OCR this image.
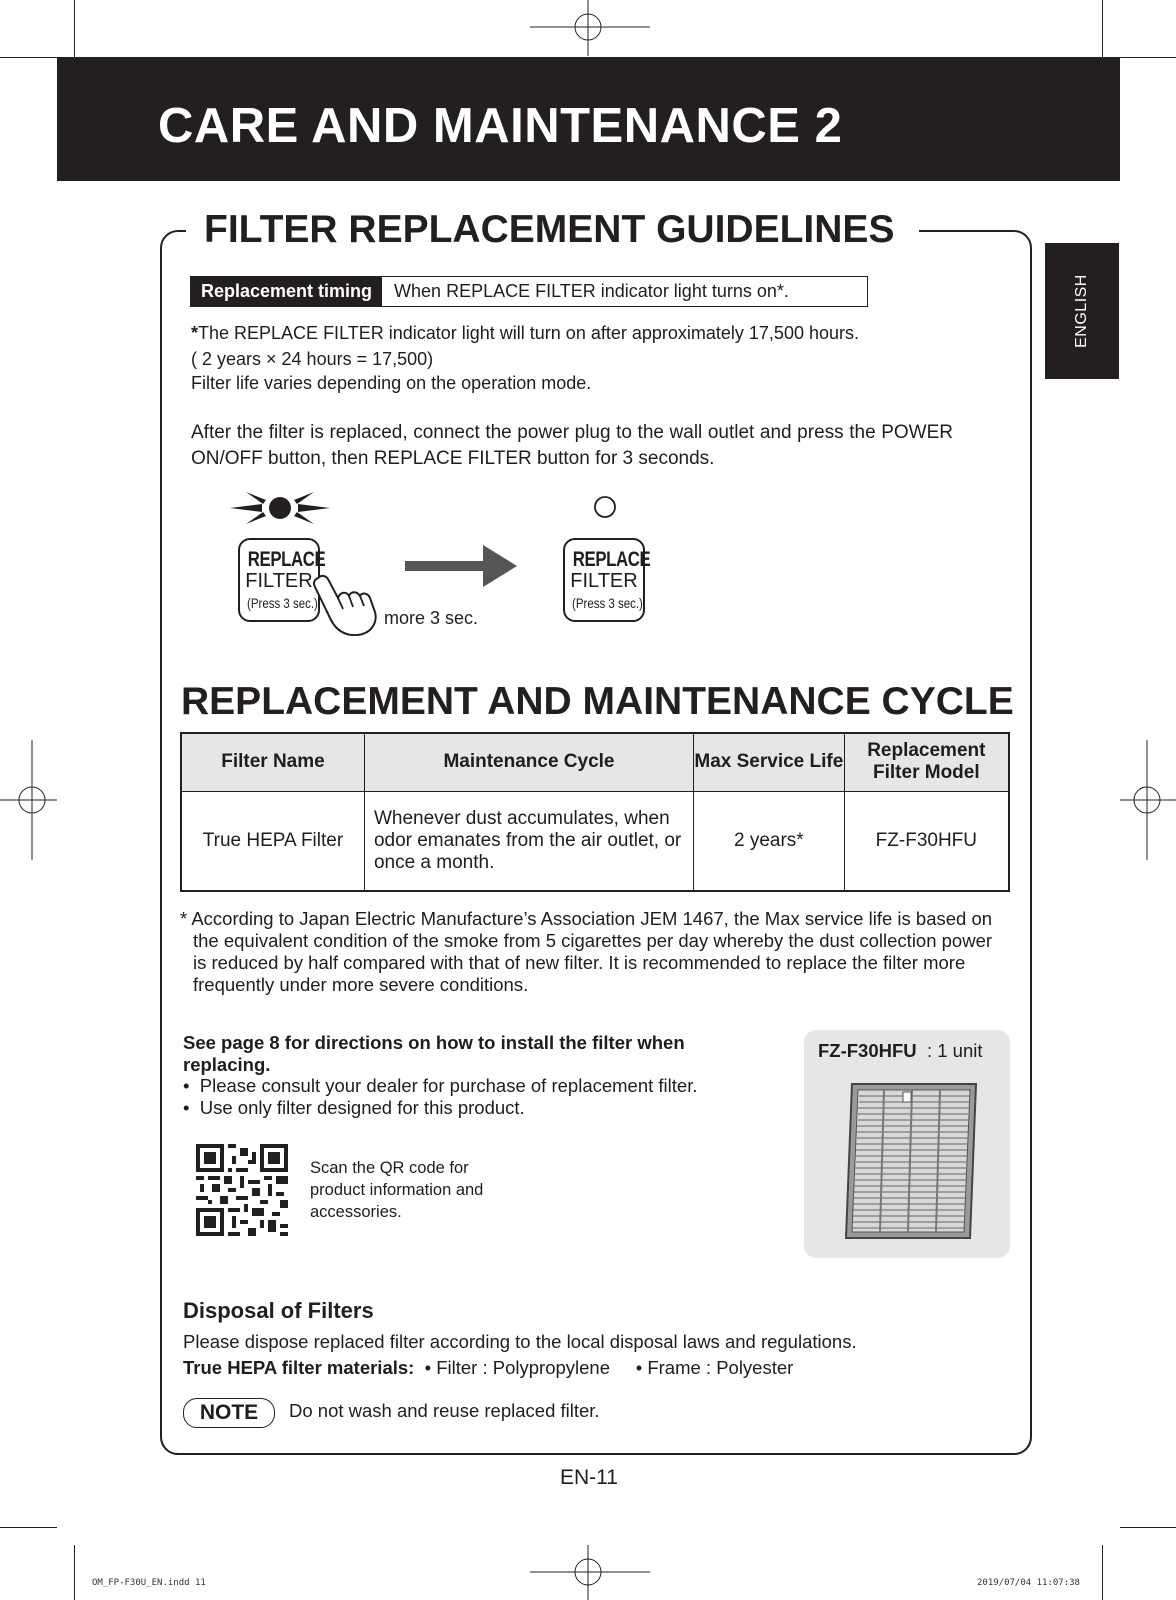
CARE AND MAINTENANCE 2
ENGLISH
FILTER REPLACEMENT GUIDELINES
Replacement timing	When REPLACE FILTER indicator light turns on*.
*The REPLACE FILTER indicator light will turn on after approximately 17,500 hours.
( 2 years × 24 hours = 17,500)
Filter life varies depending on the operation mode.
After the filter is replaced, connect the power plug to the wall outlet and press the POWER ON/OFF button, then REPLACE FILTER button for 3 seconds.
REPLACE
FILTER
(Press 3 sec.)
more 3 sec.
REPLACE
FILTER
(Press 3 sec.)
REPLACEMENT AND MAINTENANCE CYCLE
Filter Name	Maintenance Cycle	Max Service Life	Replacement Filter Model
True HEPA Filter	Whenever dust accumulates, when odor emanates from the air outlet, or once a month.	2 years*	FZ-F30HFU
* According to Japan Electric Manufacture’s Association JEM 1467, the Max service life is based on the equivalent condition of the smoke from 5 cigarettes per day whereby the dust collection power is reduced by half compared with that of new filter. It is recommended to replace the filter more frequently under more severe conditions.
See page 8 for directions on how to install the filter when replacing.
• Please consult your dealer for purchase of replacement filter.
• Use only filter designed for this product.
Scan the QR code for product information and accessories.
FZ-F30HFU : 1 unit
Disposal of Filters
Please dispose replaced filter according to the local disposal laws and regulations.
True HEPA filter materials: • Filter : Polypropylene • Frame : Polyester
NOTE	Do not wash and reuse replaced filter.
EN-11
OM_FP-F30U_EN.indd 11	2019/07/04 11:07:38
